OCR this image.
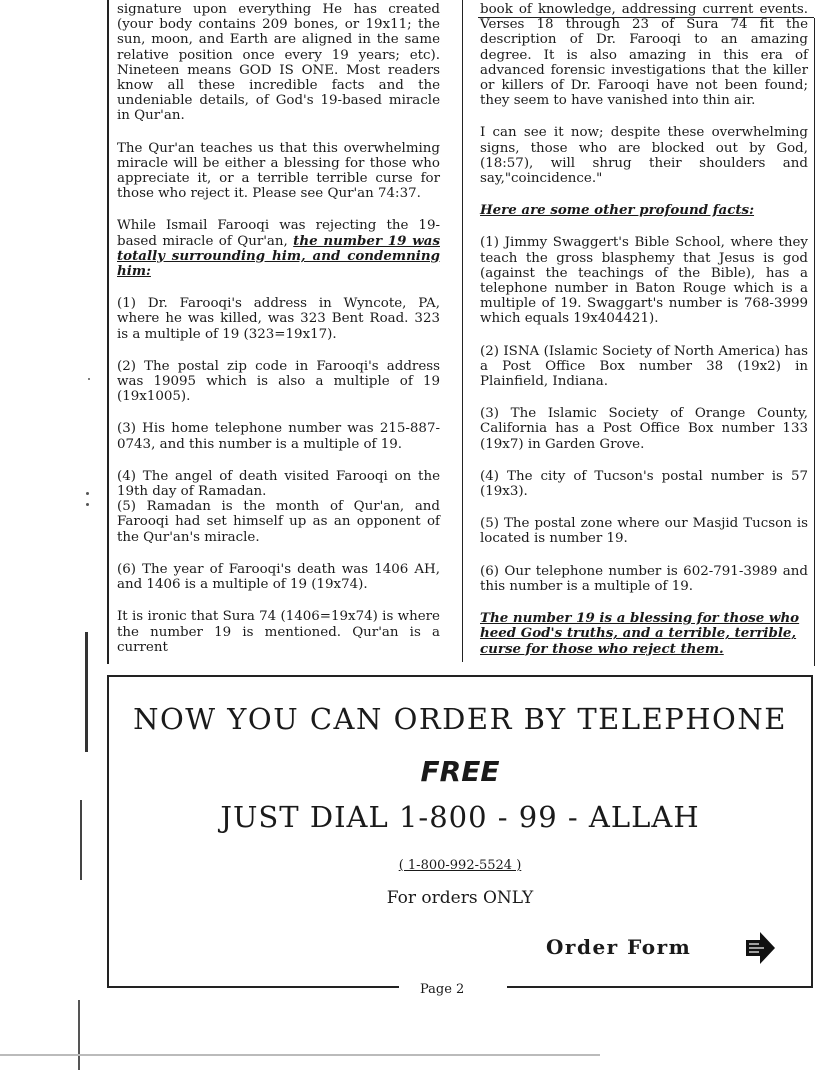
signature upon everything He has created (your body contains 209 bones, or 19x11; the sun, moon, and Earth are aligned in the same relative position once every 19 years; etc). Nineteen means GOD IS ONE. Most readers know all these incredible facts and the undeniable details, of God's 19-based miracle in Qur'an.

The Qur'an teaches us that this overwhelming miracle will be either a blessing for those who appreciate it, or a terrible terrible curse for those who reject it. Please see Qur'an 74:37.

While Ismail Farooqi was rejecting the 19-based miracle of Qur'an, the number 19 was totally surrounding him, and condemning him:

(1) Dr. Farooqi's address in Wyncote, PA, where he was killed, was 323 Bent Road. 323 is a multiple of 19 (323=19x17).

(2) The postal zip code in Farooqi's address was 19095 which is also a multiple of 19 (19x1005).

(3) His home telephone number was 215-887-0743, and this number is a multiple of 19.

(4) The angel of death visited Farooqi on the 19th day of Ramadan.

(5) Ramadan is the month of Qur'an, and Farooqi had set himself up as an opponent of the Qur'an's miracle.

(6) The year of Farooqi's death was 1406 AH, and 1406 is a multiple of 19 (19x74).

It is ironic that Sura 74 (1406=19x74) is where the number 19 is mentioned. Qur'an is a current

book of knowledge, addressing current events. Verses 18 through 23 of Sura 74 fit the description of Dr. Farooqi to an amazing degree. It is also amazing in this era of advanced forensic investigations that the killer or killers of Dr. Farooqi have not been found; they seem to have vanished into thin air.

I can see it now; despite these overwhelming signs, those who are blocked out by God, (18:57), will shrug their shoulders and say,"coincidence."

Here are some other profound facts:

(1) Jimmy Swaggert's Bible School, where they teach the gross blasphemy that Jesus is god (against the teachings of the Bible), has a telephone number in Baton Rouge which is a multiple of 19. Swaggart's number is 768-3999 which equals 19x404421).

(2) ISNA (Islamic Society of North America) has a Post Office Box number 38 (19x2) in Plainfield, Indiana.

(3) The Islamic Society of Orange County, California has a Post Office Box number 133 (19x7) in Garden Grove.

(4) The city of Tucson's postal number is 57 (19x3).

(5) The postal zone where our Masjid Tucson is located is number 19.

(6) Our telephone number is 602-791-3989 and this number is a multiple of 19.

The number 19 is a blessing for those who heed God's truths, and a terrible, terrible, curse for those who reject them.

NOW YOU CAN ORDER BY TELEPHONE
FREE
JUST DIAL 1-800 - 99 - ALLAH
( 1-800-992-5524 )
For orders ONLY
Order Form
Page 2
